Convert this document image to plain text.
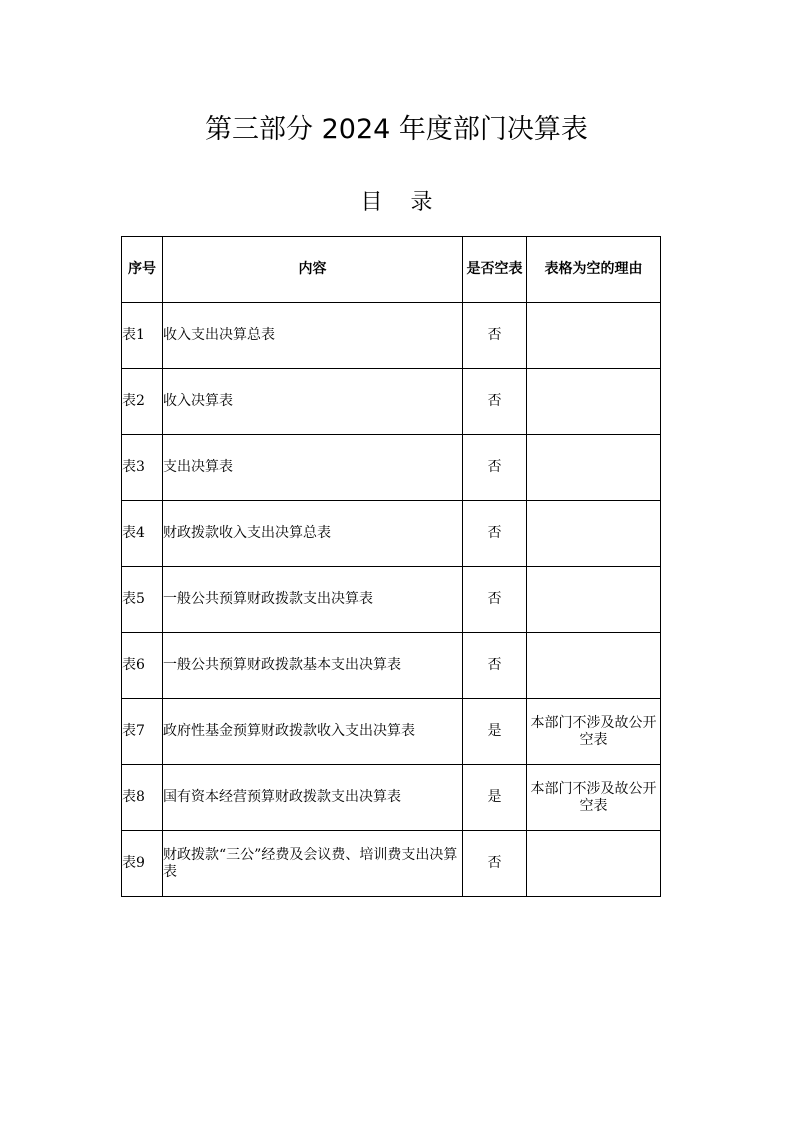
第三部分 2024 年度部门决算表
目录
序号	内容	是否空表	表格为空的理由
表1	收入支出决算总表	否	
表2	收入决算表	否	
表3	支出决算表	否	
表4	财政拨款收入支出决算总表	否	
表5	一般公共预算财政拨款支出决算表	否	
表6	一般公共预算财政拨款基本支出决算表	否	
表7	政府性基金预算财政拨款收入支出决算表	是	本部门不涉及故公开空表
表8	国有资本经营预算财政拨款支出决算表	是	本部门不涉及故公开空表
表9	财政拨款“三公”经费及会议费、培训费支出决算表	否	
